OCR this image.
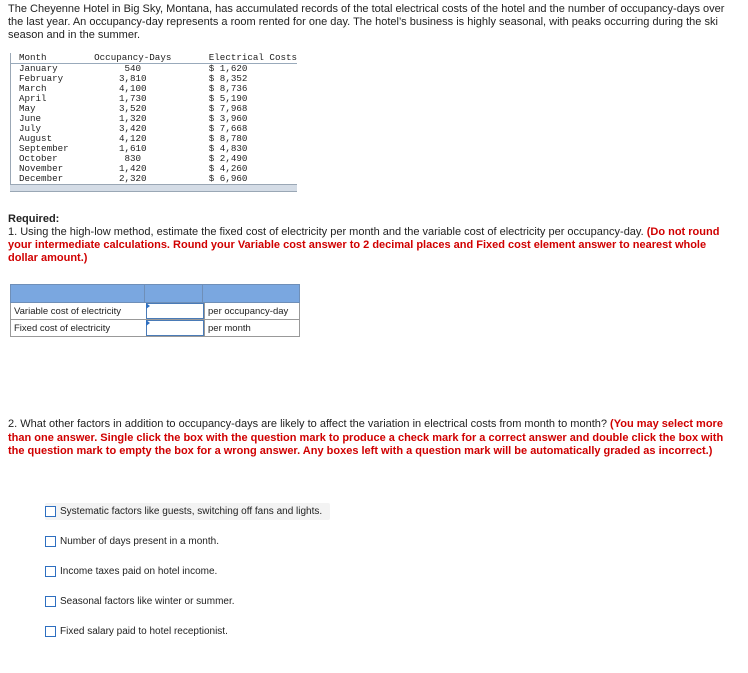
The Cheyenne Hotel in Big Sky, Montana, has accumulated records of the total electrical costs of the hotel and the number of occupancy-days over the last year. An occupancy-day represents a room rented for one day. The hotel’s business is highly seasonal, with peaks occurring during the ski season and in the summer.
Month	Occupancy-Days	Electrical Costs
January	540	$ 1,620
February	3,810	$ 8,352
March	4,100	$ 8,736
April	1,730	$ 5,190
May	3,520	$ 7,968
June	1,320	$ 3,960
July	3,420	$ 7,668
August	4,120	$ 8,780
September	1,610	$ 4,830
October	830	$ 2,490
November	1,420	$ 4,260
December	2,320	$ 6,960
Required:
1. Using the high-low method, estimate the fixed cost of electricity per month and the variable cost of electricity per occupancy-day. (Do not round your intermediate calculations. Round your Variable cost answer to 2 decimal places and Fixed cost element answer to nearest whole dollar amount.)
Variable cost of electricity	per occupancy-day
Fixed cost of electricity	per month
2. What other factors in addition to occupancy-days are likely to affect the variation in electrical costs from month to month? (You may select more than one answer. Single click the box with the question mark to produce a check mark for a correct answer and double click the box with the question mark to empty the box for a wrong answer. Any boxes left with a question mark will be automatically graded as incorrect.)
Systematic factors like guests, switching off fans and lights.
Number of days present in a month.
Income taxes paid on hotel income.
Seasonal factors like winter or summer.
Fixed salary paid to hotel receptionist.
